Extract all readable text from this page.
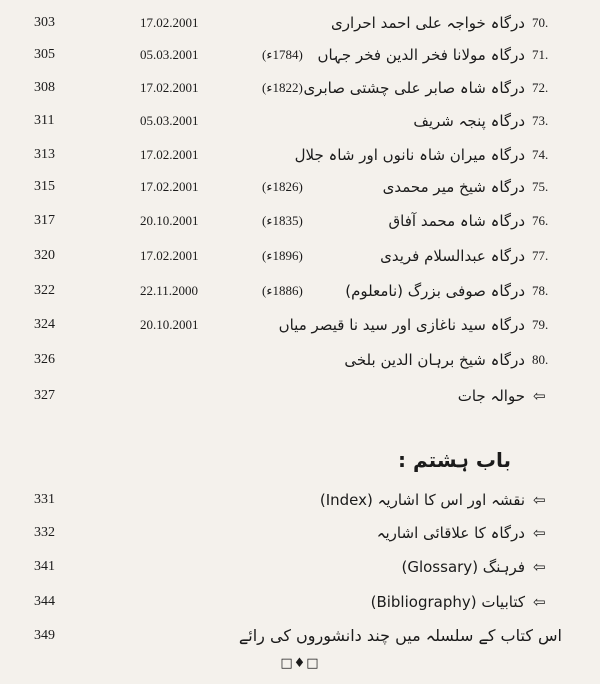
303	17.02.2001	درگاہ خواجہ علی احمد احراری 70.
305	05.03.2001	(1784ء) درگاہ مولانا فخر الدین فخر جہاں 71.
308	17.02.2001	(1822ء) درگاہ شاہ صابر علی چشتی صابری 72.
311	05.03.2001	درگاہ پنجہ شریف 73.
313	17.02.2001	درگاہ میران شاہ نانوں اور شاہ جلال 74.
315	17.02.2001	(1826ء)	درگاہ شیخ میر محمدی 75.
317	20.10.2001	(1835ء)	درگاہ شاہ محمد آفاق 76.
320	17.02.2001	(1896ء)	درگاہ عبدالسلام فریدی 77.
322	22.11.2000	(1886ء)	درگاہ صوفی بزرگ (نامعلوم) 78.
324	20.10.2001	درگاہ سید ناغازی اور سید نا قیصر میاں 79.
326	درگاہ شیخ برہان الدین بلخی 80.
327	حوالہ جات ⇦
باب ہشتم :
331	نقشہ اور اس کا اشاریہ (Index) ⇦
332	درگاہ کا علاقائی اشاریہ ⇦
341	فرہنگ (Glossary) ⇦
344	کتابیات (Bibliography) ⇦
349	اس کتاب کے سلسلہ میں چند دانشوروں کی رائے
□♦□
